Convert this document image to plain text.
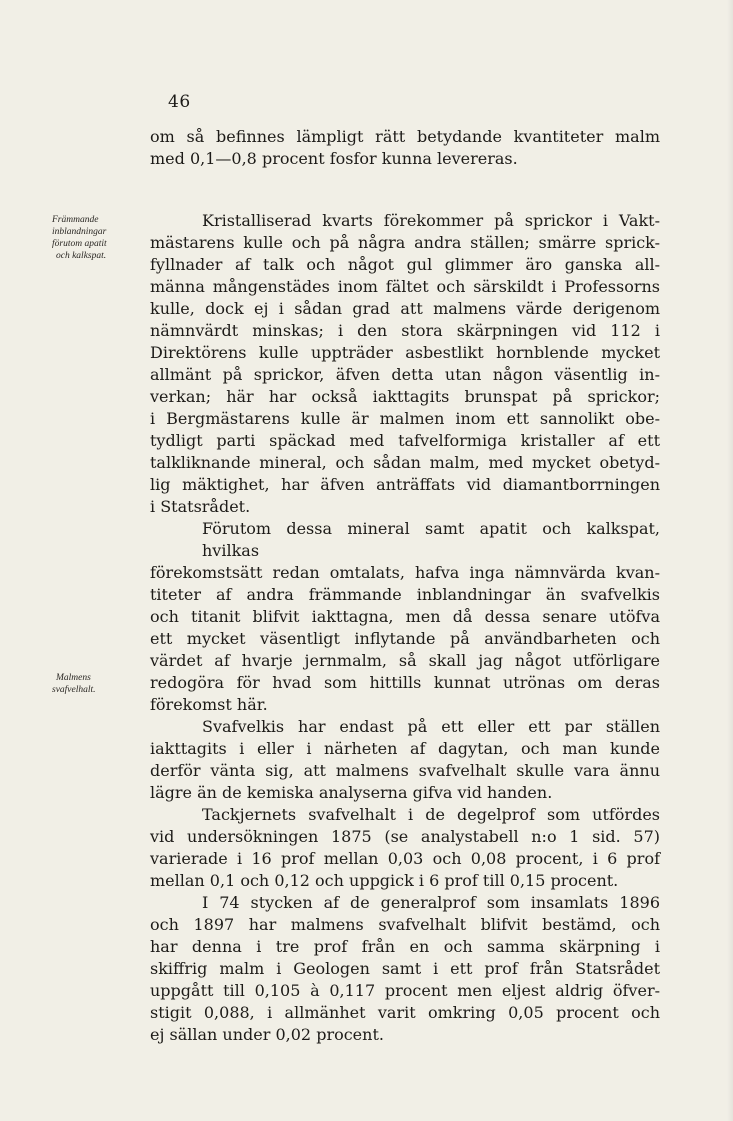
46

om så befinnes lämpligt rätt betydande kvantiteter malm
med 0,1—0,8 procent fosfor kunna levereras.
Främmande
inblandningar
förutom apatit
och kalkspat.
Malmens
svafvelhalt.
Kristalliserad kvarts förekommer på sprickor i Vakt-
mästarens kulle och på några andra ställen; smärre sprick-
fyllnader af talk och något gul glimmer äro ganska all-
männa mångenstädes inom fältet och särskildt i Professorns
kulle, dock ej i sådan grad att malmens värde derigenom
nämnvärdt minskas; i den stora skärpningen vid 112 i
Direktörens kulle uppträder asbestlikt hornblende mycket
allmänt på sprickor, äfven detta utan någon väsentlig in-
verkan; här har också iakttagits brunspat på sprickor;
i Bergmästarens kulle är malmen inom ett sannolikt obe-
tydligt parti späckad med tafvelformiga kristaller af ett
talkliknande mineral, och sådan malm, med mycket obetyd-
lig mäktighet, har äfven anträffats vid diamantborrningen
i Statsrådet.
Förutom dessa mineral samt apatit och kalkspat, hvilkas
förekomstsätt redan omtalats, hafva inga nämnvärda kvan-
titeter af andra främmande inblandningar än svafvelkis
och titanit blifvit iakttagna, men då dessa senare utöfva
ett mycket väsentligt inflytande på användbarheten och
värdet af hvarje jernmalm, så skall jag något utförligare
redogöra för hvad som hittills kunnat utrönas om deras
förekomst här.
Svafvelkis har endast på ett eller ett par ställen
iakttagits i eller i närheten af dagytan, och man kunde
derför vänta sig, att malmens svafvelhalt skulle vara ännu
lägre än de kemiska analyserna gifva vid handen.
Tackjernets svafvelhalt i de degelprof som utfördes
vid undersökningen 1875 (se analystabell n:o 1 sid. 57)
varierade i 16 prof mellan 0,03 och 0,08 procent, i 6 prof
mellan 0,1 och 0,12 och uppgick i 6 prof till 0,15 procent.
I 74 stycken af de generalprof som insamlats 1896
och 1897 har malmens svafvelhalt blifvit bestämd, och
har denna i tre prof från en och samma skärpning i
skiffrig malm i Geologen samt i ett prof från Statsrådet
uppgått till 0,105 à 0,117 procent men eljest aldrig öfver-
stigit 0,088, i allmänhet varit omkring 0,05 procent och
ej sällan under 0,02 procent.
